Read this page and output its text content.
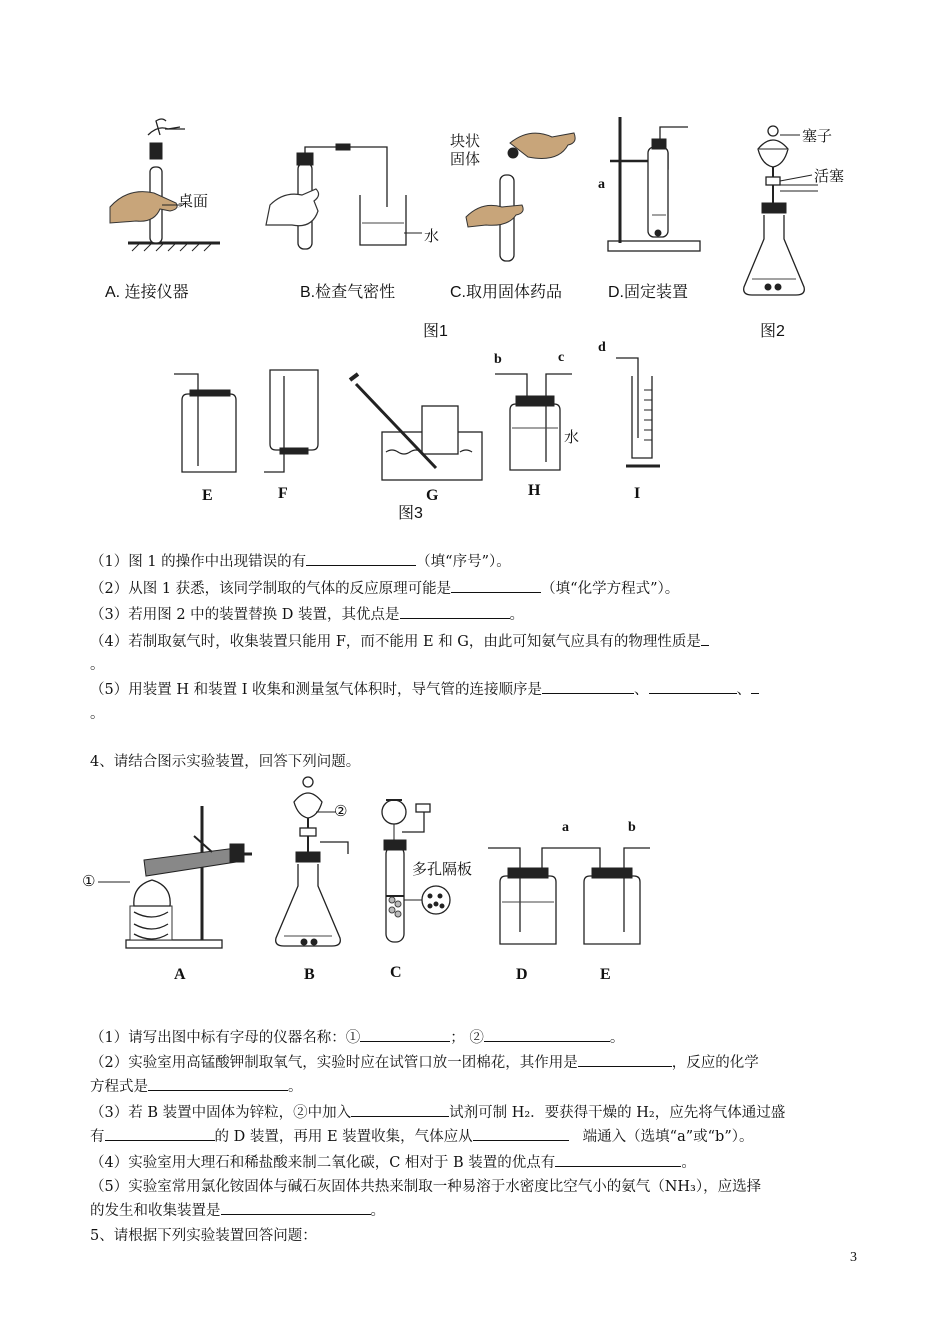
桌面
水
块状
固体
a
塞子
活塞
A. 连接仪器	B.检查气密性	C.取用固体药品	D.固定装置
图1	图2
E	F	G	H	I
b	c
d
水
图3
（1）图 1 的操作中出现错误的有	（填“序号”）。
（2）从图 1 获悉，该同学制取的气体的反应原理可能是	（填“化学方程式”）。
（3）若用图 2 中的装置替换 D 装置，其优点是	。
（4）若制取氨气时，收集装置只能用 F，而不能用 E 和 G，由此可知氨气应具有的物理性质是
。
（5）用装置 H 和装置 I 收集和测量氢气体积时，导气管的连接顺序是	、	、
。
4、请结合图示实验装置，回答下列问题。
①
②
多孔隔板
a	b
A	B	C	D	E
（1）请写出图中标有字母的仪器名称：①	； ②	。
（2）实验室用高锰酸钾制取氧气，实验时应在试管口放一团棉花，其作用是	，反应的化学
方程式是	。
（3）若 B 装置中固体为锌粒，②中加入	试剂可制 H₂．要获得干燥的 H₂，应先将气体通过盛
有	的 D 装置，再用 E 装置收集，气体应从	端通入（选填“a”或“b”）。
（4）实验室用大理石和稀盐酸来制二氧化碳，C 相对于 B 装置的优点有	。
（5）实验室常用氯化铵固体与碱石灰固体共热来制取一种易溶于水密度比空气小的氨气（NH₃），应选择
的发生和收集装置是	。
5、请根据下列实验装置回答问题：
3
